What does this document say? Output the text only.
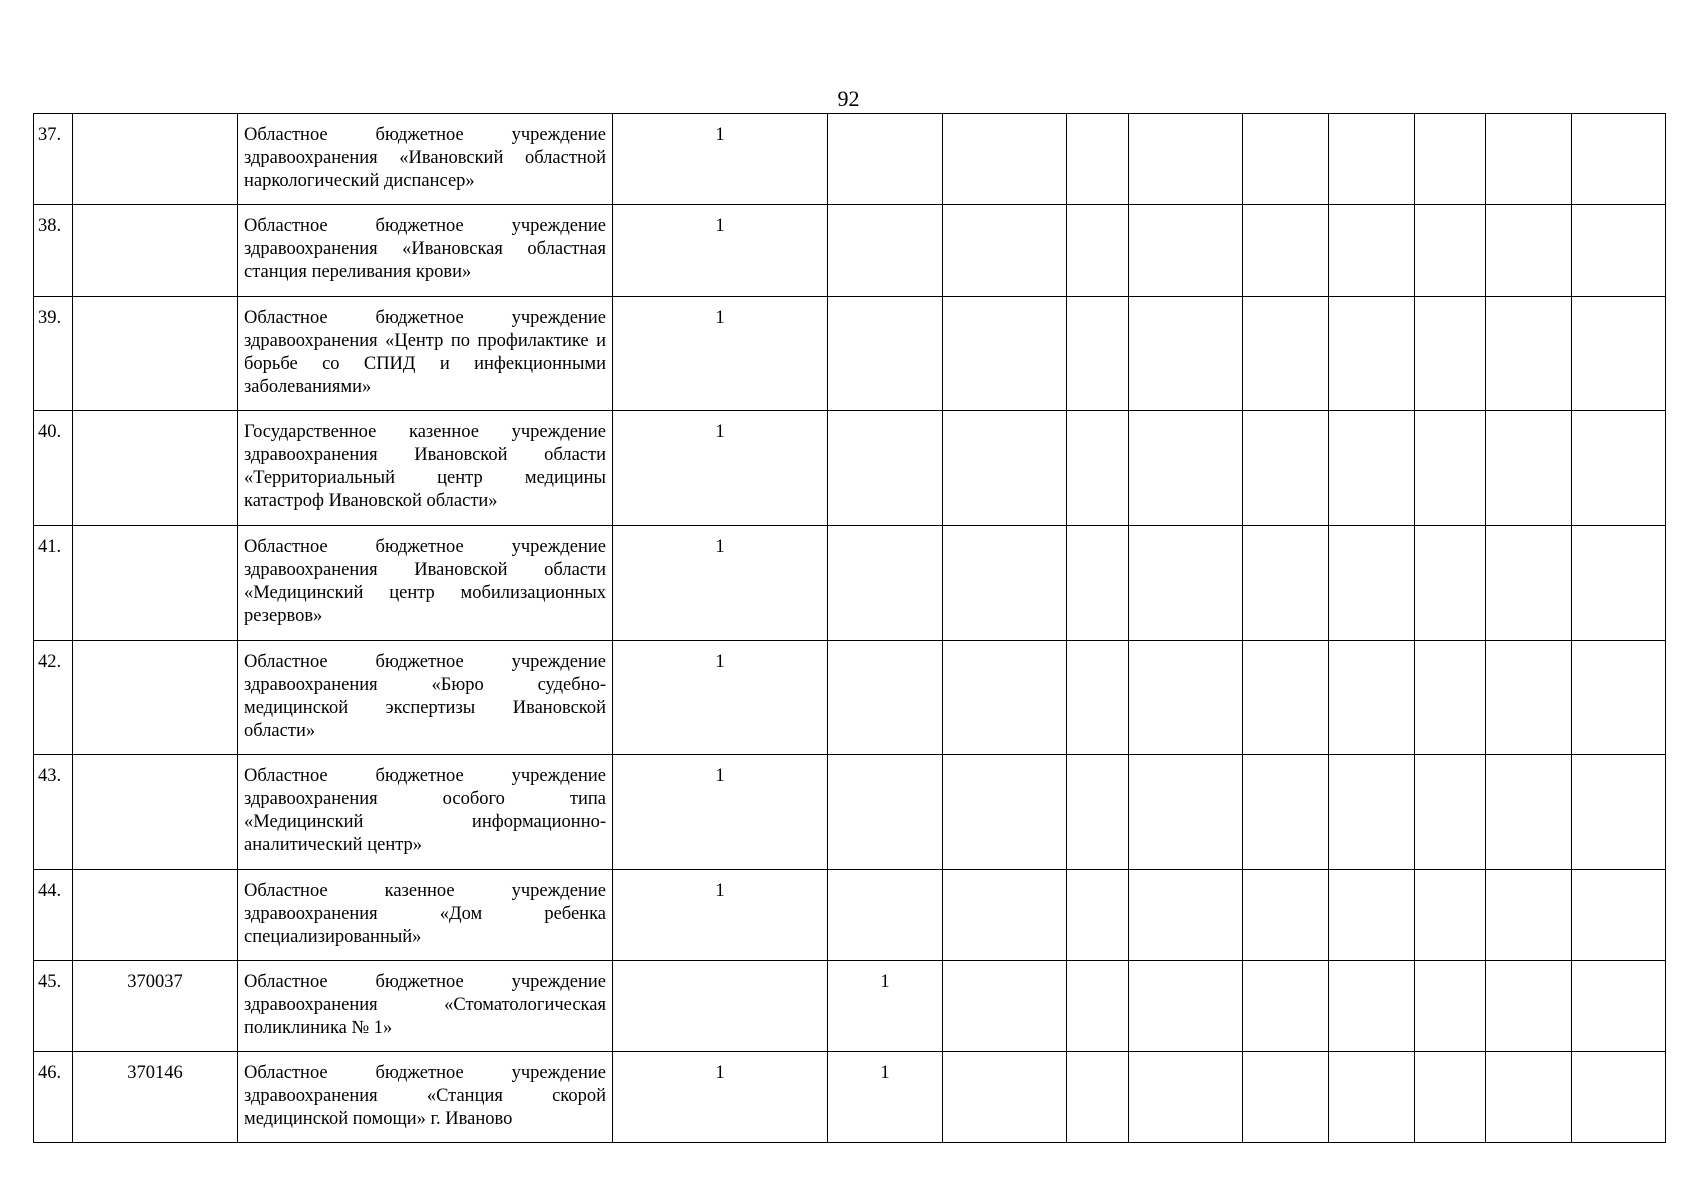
92
37.		Областное бюджетное учреждение здравоохранения «Ивановский областной наркологический диспансер»	1									
38.		Областное бюджетное учреждение здравоохранения «Ивановская областная станция переливания крови»	1									
39.		Областное бюджетное учреждение здравоохранения «Центр по профилактике и борьбе со СПИД и инфекционными заболеваниями»	1									
40.		Государственное казенное учреждение здравоохранения Ивановской области «Территориальный центр медицины катастроф Ивановской области»	1									
41.		Областное бюджетное учреждение здравоохранения Ивановской области «Медицинский центр мобилизационных резервов»	1									
42.		Областное бюджетное учреждение здравоохранения «Бюро судебно-медицинской экспертизы Ивановской области»	1									
43.		Областное бюджетное учреждение здравоохранения особого типа «Медицинский информационно-аналитический центр»	1									
44.		Областное казенное учреждение здравоохранения «Дом ребенка специализированный»	1									
45.	370037	Областное бюджетное учреждение здравоохранения «Стоматологическая поликлиника № 1»		1								
46.	370146	Областное бюджетное учреждение здравоохранения «Станция скорой медицинской помощи» г. Иваново	1	1								
